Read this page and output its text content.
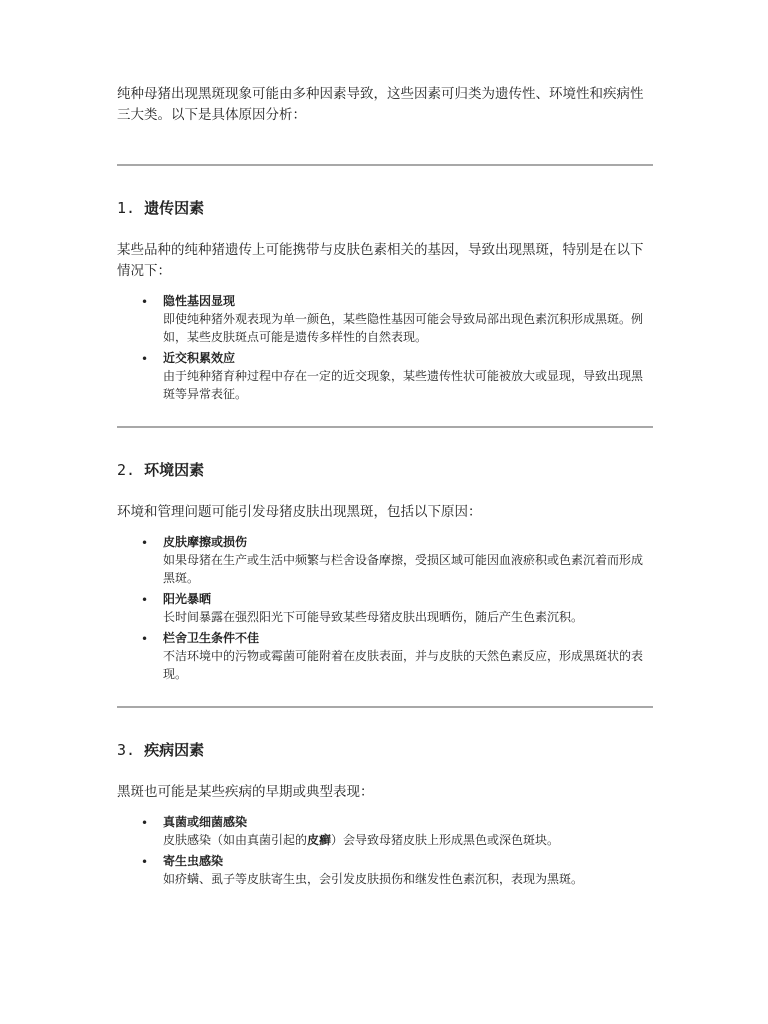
纯种母猪出现黑斑现象可能由多种因素导致，这些因素可归类为遗传性、环境性和疾病性三大类。以下是具体原因分析：

1. 遗传因素

某些品种的纯种猪遗传上可能携带与皮肤色素相关的基因，导致出现黑斑，特别是在以下情况下：

• 隐性基因显现
即使纯种猪外观表现为单一颜色，某些隐性基因可能会导致局部出现色素沉积形成黑斑。例如，某些皮肤斑点可能是遗传多样性的自然表现。
• 近交积累效应
由于纯种猪育种过程中存在一定的近交现象，某些遗传性状可能被放大或显现，导致出现黑斑等异常表征。
2. 环境因素

环境和管理问题可能引发母猪皮肤出现黑斑，包括以下原因：

• 皮肤摩擦或损伤
如果母猪在生产或生活中频繁与栏舍设备摩擦，受损区域可能因血液瘀积或色素沉着而形成黑斑。
• 阳光暴晒
长时间暴露在强烈阳光下可能导致某些母猪皮肤出现晒伤，随后产生色素沉积。
• 栏舍卫生条件不佳
不洁环境中的污物或霉菌可能附着在皮肤表面，并与皮肤的天然色素反应，形成黑斑状的表现。
3. 疾病因素

黑斑也可能是某些疾病的早期或典型表现：

• 真菌或细菌感染
皮肤感染（如由真菌引起的皮癣）会导致母猪皮肤上形成黑色或深色斑块。
• 寄生虫感染
如疥螨、虱子等皮肤寄生虫，会引发皮肤损伤和继发性色素沉积，表现为黑斑。
